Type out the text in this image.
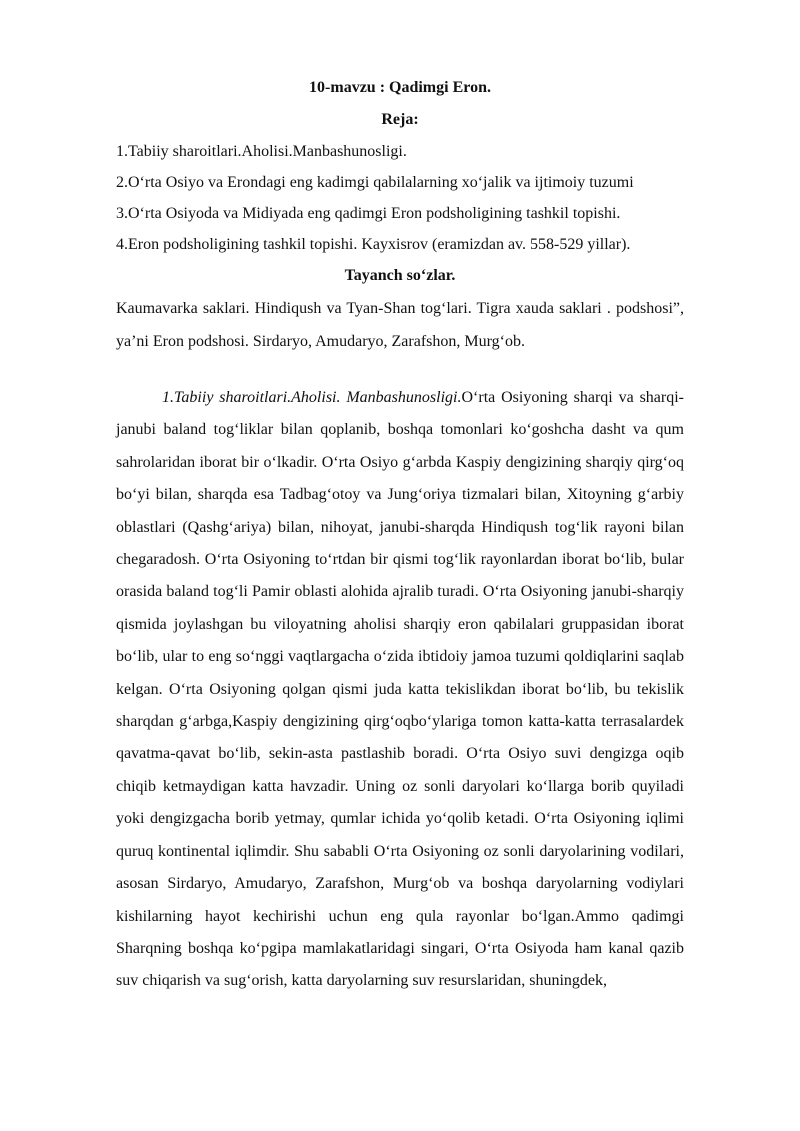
10-mavzu : Qadimgi Eron.

Reja:

1.Tabiiy sharoitlari.Aholisi.Manbashunosligi.

2.O‘rta Osiyo va Erondagi eng kadimgi qabilalarning xo‘jalik va ijtimoiy tuzumi

3.O‘rta Osiyoda va Midiyada eng qadimgi Eron podsholigining tashkil topishi.

4.Eron podsholigining tashkil topishi. Kayxisrov (eramizdan av. 558-529 yillar).

Tayanch so‘zlar.

Kaumavarka saklari. Hindiqush va Tyan-Shan tog‘lari. Tigra xauda saklari . podshosi”, ya’ni Eron podshosi. Sirdaryo, Amudaryo, Zarafshon, Murg‘ob.

1.Tabiiy sharoitlari.Aholisi. Manbashunosligi.O‘rta Osiyoning sharqi va sharqi-janubi baland tog‘liklar bilan qoplanib, boshqa tomonlari ko‘goshcha dasht va qum sahrolaridan iborat bir o‘lkadir. O‘rta Osiyo g‘arbda Kaspiy dengizining sharqiy qirg‘oq bo‘yi bilan, sharqda esa Tadbag‘otoy va Jung‘oriya tizmalari bilan, Xitoyning g‘arbiy oblastlari (Qashg‘ariya) bilan, nihoyat, janubi-sharqda Hindiqush tog‘lik rayoni bilan chegaradosh. O‘rta Osiyoning to‘rtdan bir qismi tog‘lik rayonlardan iborat bo‘lib, bular orasida baland tog‘li Pamir oblasti alohida ajralib turadi. O‘rta Osiyoning janubi-sharqiy qismida joylashgan bu viloyatning aholisi sharqiy eron qabilalari gruppasidan iborat bo‘lib, ular to eng so‘nggi vaqtlargacha o‘zida ibtidoiy jamoa tuzumi qoldiqlarini saqlab kelgan. O‘rta Osiyoning qolgan qismi juda katta tekislikdan iborat bo‘lib, bu tekislik sharqdan g‘arbga,Kaspiy dengizining qirg‘oqbo‘ylariga tomon katta-katta terrasalardek qavatma-qavat bo‘lib, sekin-asta pastlashib boradi. O‘rta Osiyo suvi dengizga oqib chiqib ketmaydigan katta havzadir. Uning oz sonli daryolari ko‘llarga borib quyiladi yoki dengizgacha borib yetmay, qumlar ichida yo‘qolib ketadi. O‘rta Osiyoning iqlimi quruq kontinental iqlimdir. Shu sababli O‘rta Osiyoning oz sonli daryolarining vodilari, asosan Sirdaryo, Amudaryo, Zarafshon, Murg‘ob va boshqa daryolarning vodiylari kishilarning hayot kechirishi uchun eng qula rayonlar bo‘lgan.Ammo qadimgi Sharqning boshqa ko‘pgipa mamlakatlaridagi singari, O‘rta Osiyoda ham kanal qazib suv chiqarish va sug‘orish, katta daryolarning suv resurslaridan, shuningdek,
